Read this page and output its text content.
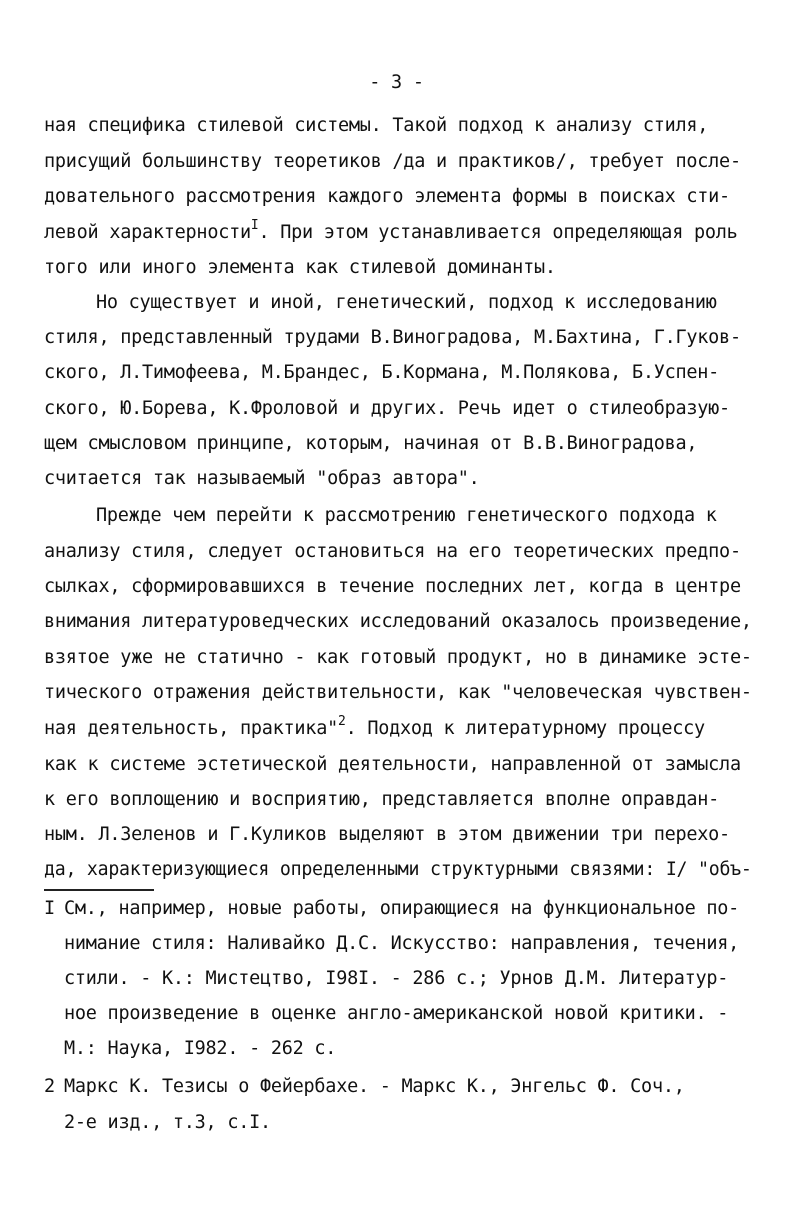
- 3 -
ная специфика стилевой системы. Такой подход к анализу стиля,
присущий большинству теоретиков /да и практиков/, требует после-
довательного рассмотрения каждого элемента формы в поисках сти-
левой характерности$^I$. При этом устанавливается определяющая роль
того или иного элемента как стилевой доминанты.
Но существует и иной, генетический, подход к исследованию
стиля, представленный трудами В.Виноградова, М.Бахтина, Г.Гуков-
ского, Л.Тимофеева, М.Брандес, Б.Кормана, М.Полякова, Б.Успен-
ского, Ю.Борева, К.Фроловой и других. Речь идет о стилеобразую-
щем смысловом принципе, которым, начиная от В.В.Виноградова,
считается так называемый "образ автора".
Прежде чем перейти к рассмотрению генетического подхода к
анализу стиля, следует остановиться на его теоретических предпо-
сылках, сформировавшихся в течение последних лет, когда в центре
внимания литературоведческих исследований оказалось произведение,
взятое уже не статично - как готовый продукт, но в динамике эсте-
тического отражения действительности, как "человеческая чувствен-
ная деятельность, практика"$^2$. Подход к литературному процессу
как к системе эстетической деятельности, направленной от замысла
к его воплощению и восприятию, представляется вполне оправдан-
ным. Л.Зеленов и Г.Куликов выделяют в этом движении три перехо-
да, характеризующиеся определенными структурными связями: I/ "объ-
I См., например, новые работы, опирающиеся на функциональное по-
нимание стиля: Наливайко Д.С. Искусство: направления, течения,
стили. - К.: Мистецтво, I98I. - 286 с.; Урнов Д.М. Литератур-
ное произведение в оценке англо-американской новой критики. -
М.: Наука, I982. - 262 с.
2 Маркс К. Тезисы о Фейербахе. - Маркс К., Энгельс Ф. Соч.,
2-е изд., т.3, с.I.
